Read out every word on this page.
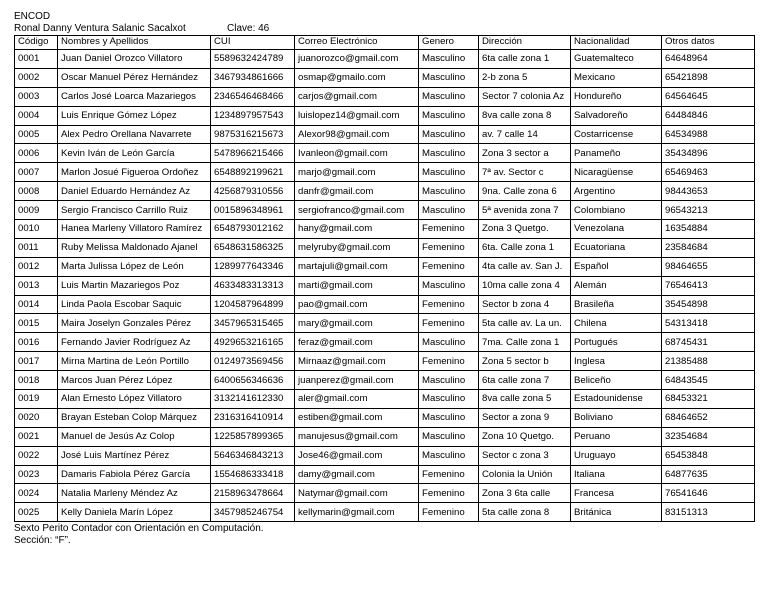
ENCOD
Ronal Danny Ventura Salanic Sacalxot	Clave: 46
Código	Nombres y Apellidos	CUI	Correo Electrónico	Genero	Dirección	Nacionalidad	Otros datos
0001	Juan Daniel Orozco Villatoro	5589632424789	juanorozco@gmail.com	Masculino	6ta calle zona 1	Guatemalteco	64648964
0002	Oscar Manuel Pérez Hernández	3467934861666	osmap@gmailo.com	Masculino	2-b zona 5	Mexicano	65421898
0003	Carlos José Loarca Mazariegos	2346546468466	carjos@gmail.com	Masculino	Sector 7 colonia Az	Hondureño	64564645
0004	Luis Enrique Gómez López	1234897957543	luislopez14@gmail.com	Masculino	8va calle zona 8	Salvadoreño	64484846
0005	Alex Pedro Orellana Navarrete	9875316215673	Alexor98@gmail.com	Masculino	av. 7 calle 14	Costarricense	64534988
0006	Kevin Iván de León García	5478966215466	Ivanleon@gmail.com	Masculino	Zona 3 sector a	Panameño	35434896
0007	Marlon Josué Figueroa Ordoñez	6548892199621	marjo@gmail.com	Masculino	7ª av. Sector c	Nicaragüense	65469463
0008	Daniel Eduardo Hernández Az	4256879310556	danfr@gmail.com	Masculino	9na. Calle zona 6	Argentino	98443653
0009	Sergio Francisco Carrillo Ruiz	0015896348961	sergiofranco@gmail.com	Masculino	5ª avenida zona 7	Colombiano	96543213
0010	Hanea Marleny Villatoro Ramírez	6548793012162	hany@gmail.com	Femenino	Zona 3 Quetgo.	Venezolana	16354884
0011	Ruby Melissa Maldonado Ajanel	6548631586325	melyruby@gmail.com	Femenino	6ta. Calle zona 1	Ecuatoriana	23584684
0012	Marta Julissa López de León	1289977643346	martajuli@gmail.com	Femenino	4ta calle av. San J.	Español	98464655
0013	Luis Martin Mazariegos Poz	4633483313313	marti@gmail.com	Masculino	10ma calle zona 4	Alemán	76546413
0014	Linda Paola Escobar Saquic	1204587964899	pao@gmail.com	Femenino	Sector b zona 4	Brasileña	35454898
0015	Maira Joselyn Gonzales Pérez	3457965315465	mary@gmail.com	Femenino	5ta calle av. La un.	Chilena	54313418
0016	Fernando Javier Rodríguez Az	4929653216165	feraz@gmail.com	Masculino	7ma. Calle zona 1	Portugués	68745431
0017	Mirna Martina de León Portillo	0124973569456	Mirnaaz@gmail.com	Femenino	Zona 5 sector b	Inglesa	21385488
0018	Marcos Juan Pérez López	6400656346636	juanperez@gmail.com	Masculino	6ta calle zona 7	Beliceño	64843545
0019	Alan Ernesto López Villatoro	3132141612330	aler@gmail.com	Masculino	8va calle zona 5	Estadounidense	68453321
0020	Brayan Esteban Colop Márquez	2316316410914	estiben@gmail.com	Masculino	Sector a zona 9	Boliviano	68464652
0021	Manuel de Jesús Az Colop	1225857899365	manujesus@gmail.com	Masculino	Zona 10 Quetgo.	Peruano	32354684
0022	José Luis Martínez Pérez	5646346843213	Jose46@gmail.com	Masculino	Sector c zona 3	Uruguayo	65453848
0023	Damaris Fabiola Pérez García	1554686333418	damy@gmail.com	Femenino	Colonia la Unión	Italiana	64877635
0024	Natalia Marleny Méndez Az	2158963478664	Natymar@gmail.com	Femenino	Zona 3 6ta calle	Francesa	76541646
0025	Kelly Daniela Marín López	3457985246754	kellymarin@gmail.com	Femenino	5ta calle zona 8	Británica	83151313
Sexto Perito Contador con Orientación en Computación.
Sección: “F”.
